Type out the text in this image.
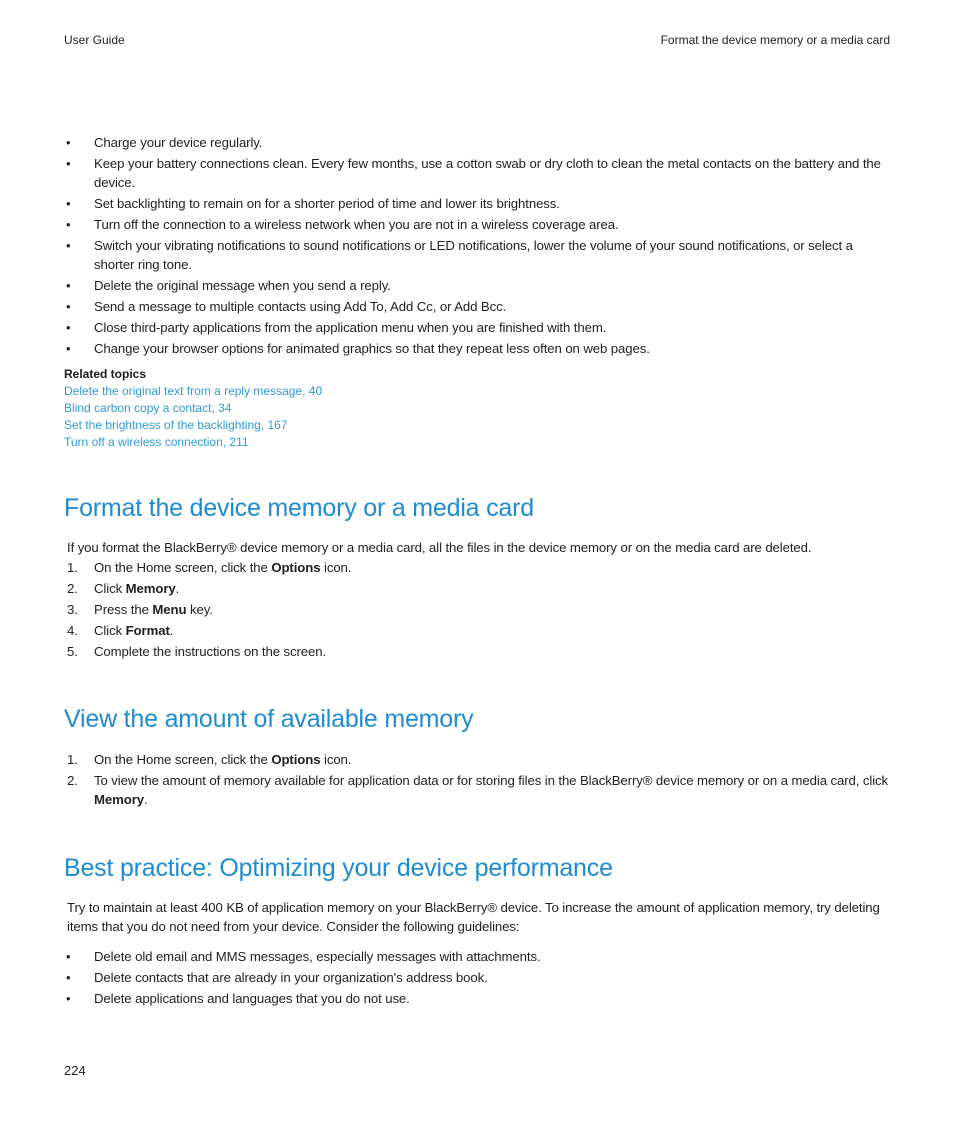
User Guide	Format the device memory or a media card
• Charge your device regularly.
• Keep your battery connections clean. Every few months, use a cotton swab or dry cloth to clean the metal contacts on the battery and the device.
• Set backlighting to remain on for a shorter period of time and lower its brightness.
• Turn off the connection to a wireless network when you are not in a wireless coverage area.
• Switch your vibrating notifications to sound notifications or LED notifications, lower the volume of your sound notifications, or select a shorter ring tone.
• Delete the original message when you send a reply.
• Send a message to multiple contacts using Add To, Add Cc, or Add Bcc.
• Close third-party applications from the application menu when you are finished with them.
• Change your browser options for animated graphics so that they repeat less often on web pages.
Related topics
Delete the original text from a reply message, 40
Blind carbon copy a contact, 34
Set the brightness of the backlighting, 167
Turn off a wireless connection, 211
Format the device memory or a media card

If you format the BlackBerry® device memory or a media card, all the files in the device memory or on the media card are deleted.

1. On the Home screen, click the Options icon.
2. Click Memory.
3. Press the Menu key.
4. Click Format.
5. Complete the instructions on the screen.
View the amount of available memory
1. On the Home screen, click the Options icon.
2. To view the amount of memory available for application data or for storing files in the BlackBerry® device memory or on a media card, click Memory.
Best practice: Optimizing your device performance

Try to maintain at least 400 KB of application memory on your BlackBerry® device. To increase the amount of application memory, try deleting items that you do not need from your device. Consider the following guidelines:

• Delete old email and MMS messages, especially messages with attachments.
• Delete contacts that are already in your organization's address book.
• Delete applications and languages that you do not use.
224
